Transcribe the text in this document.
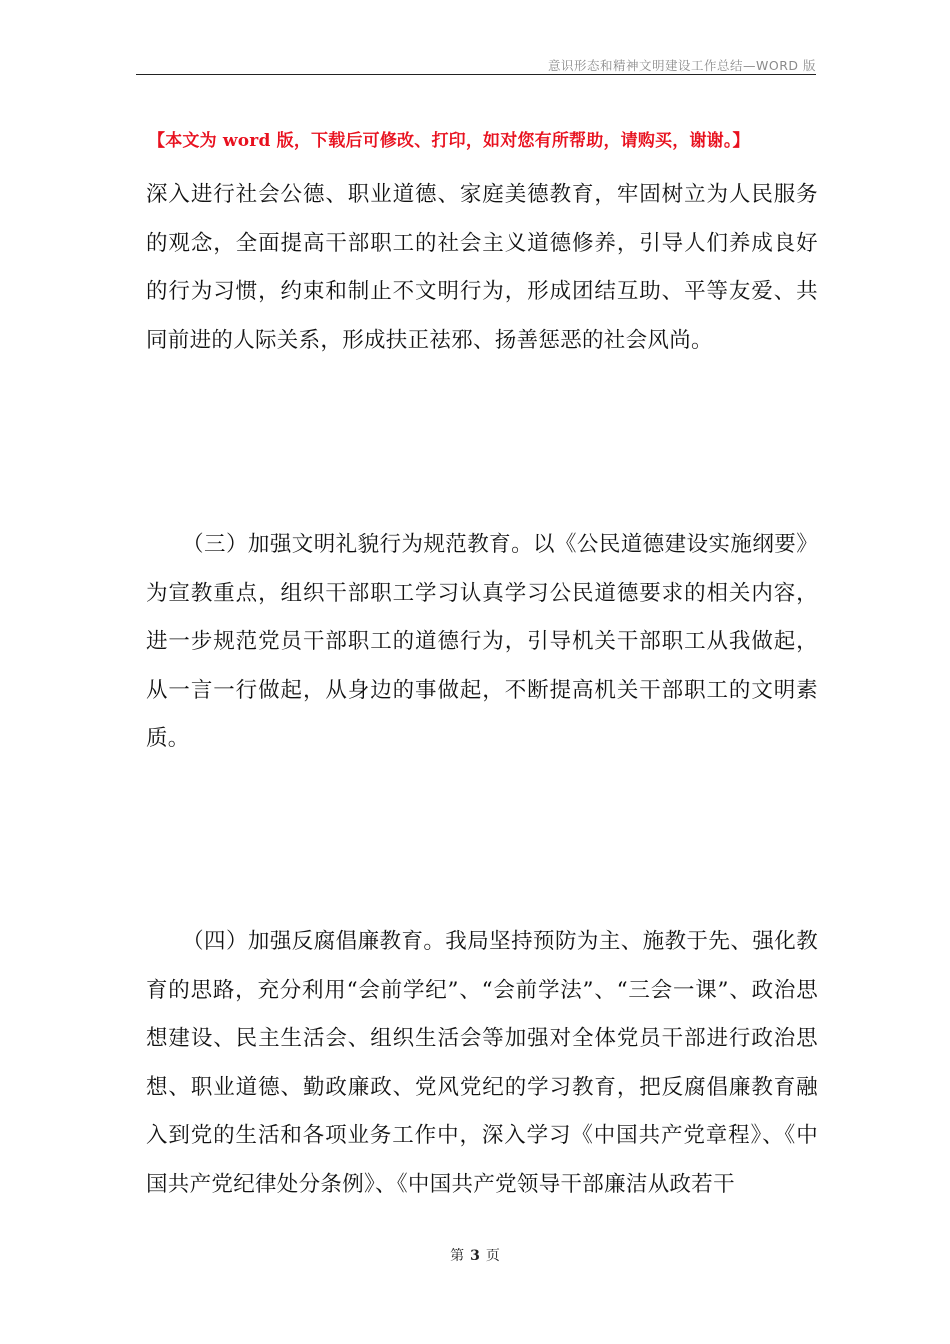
意识形态和精神文明建设工作总结—WORD 版
【本文为 word 版，下载后可修改、打印，如对您有所帮助，请购买，谢谢。】

深入进行社会公德、职业道德、家庭美德教育，牢固树立为人民服务的观念，全面提高干部职工的社会主义道德修养，引导人们养成良好的行为习惯，约束和制止不文明行为，形成团结互助、平等友爱、共同前进的人际关系，形成扶正祛邪、扬善惩恶的社会风尚。

（三）加强文明礼貌行为规范教育。以《公民道德建设实施纲要》为宣教重点，组织干部职工学习认真学习公民道德要求的相关内容，进一步规范党员干部职工的道德行为，引导机关干部职工从我做起，从一言一行做起，从身边的事做起，不断提高机关干部职工的文明素质。

（四）加强反腐倡廉教育。我局坚持预防为主、施教于先、强化教育的思路，充分利用“会前学纪”、“会前学法”、“三会一课”、政治思想建设、民主生活会、组织生活会等加强对全体党员干部进行政治思想、职业道德、勤政廉政、党风党纪的学习教育，把反腐倡廉教育融入到党的生活和各项业务工作中，深入学习《中国共产党章程》、《中国共产党纪律处分条例》、《中国共产党领导干部廉洁从政若干

第 3 页
